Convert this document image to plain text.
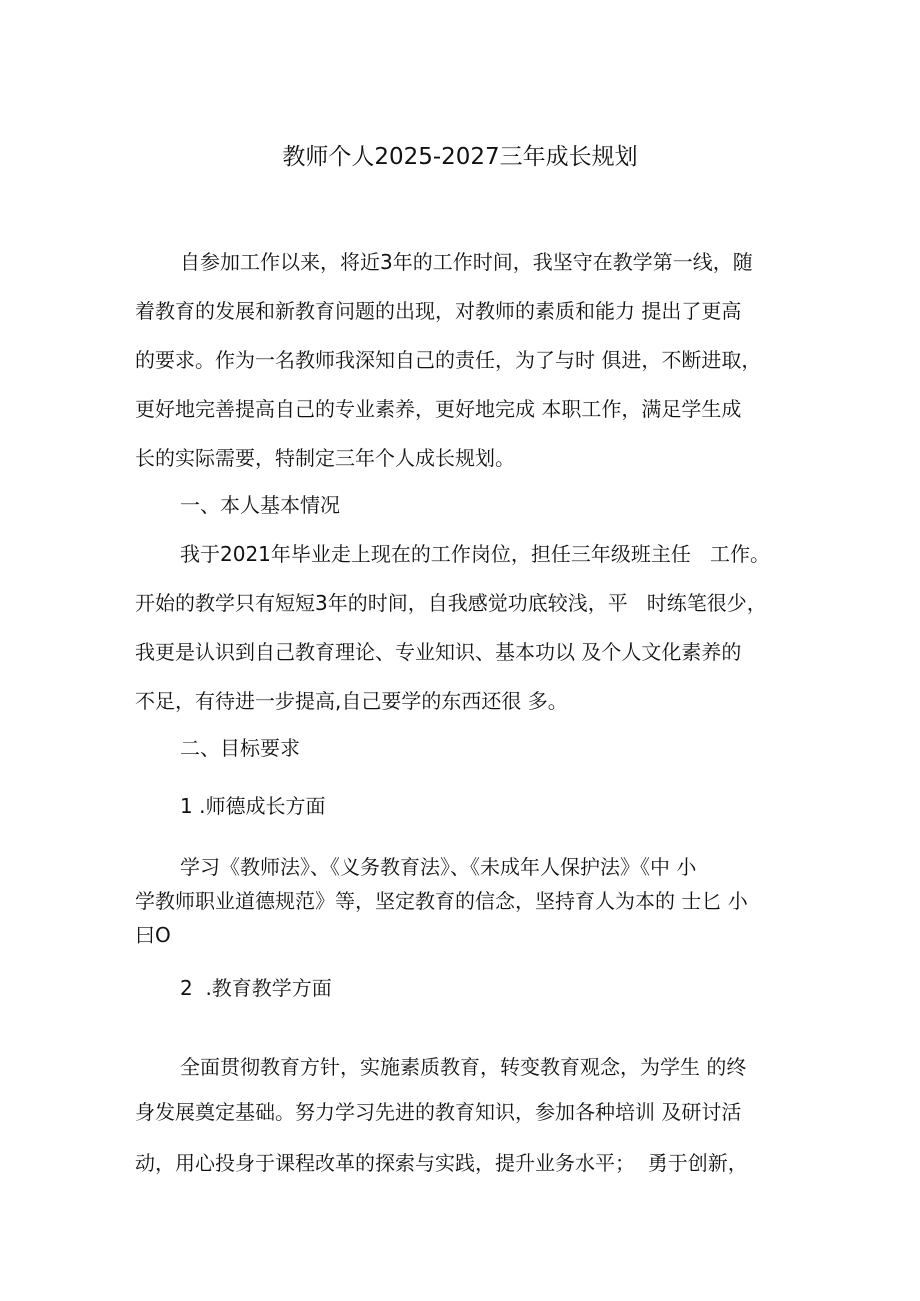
教师个人2025-2027三年成长规划
自参加工作以来，将近3年的工作时间，我坚守在教学第一线，随
着教育的发展和新教育问题的出现，对教师的素质和能力 提出了更高
的要求。作为一名教师我深知自己的责任，为了与时 俱进，不断进取，
更好地完善提高自己的专业素养，更好地完成 本职工作，满足学生成
长的实际需要，特制定三年个人成长规划。
一、本人基本情况
我于2021年毕业走上现在的工作岗位，担任三年级班主任   工作。
开始的教学只有短短3年的时间，自我感觉功底较浅，平   时练笔很少，
我更是认识到自己教育理论、专业知识、基本功以 及个人文化素养的
不足，有待进一步提高,自己要学的东西还很 多。
二、目标要求
1 .师德成长方面
学习《教师法》、《义务教育法》、《未成年人保护法》《中 小
学教师职业道德规范》等，坚定教育的信念，坚持育人为本的 士匕 小
曰O
2  .教育教学方面
全面贯彻教育方针，实施素质教育，转变教育观念，为学生 的终
身发展奠定基础。努力学习先进的教育知识，参加各种培训 及研讨活
动，用心投身于课程改革的探索与实践，提升业务水平；  勇于创新，
